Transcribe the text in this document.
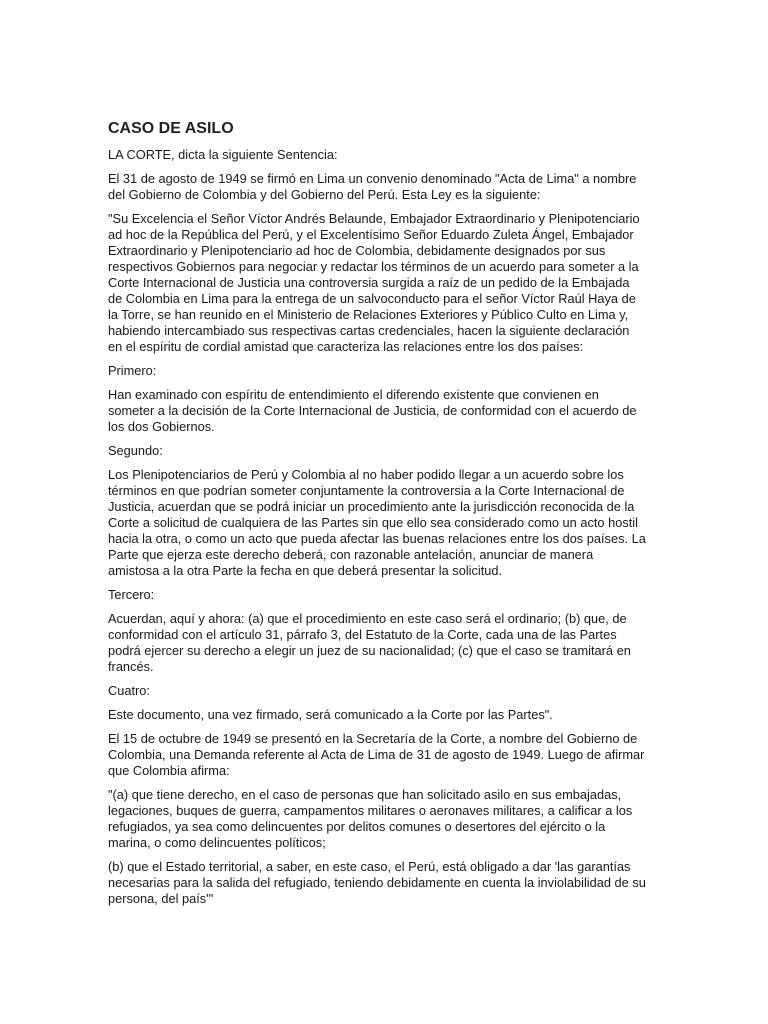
CASO DE ASILO

LA CORTE, dicta la siguiente Sentencia:

El 31 de agosto de 1949 se firmó en Lima un convenio denominado "Acta de Lima" a nombre
del Gobierno de Colombia y del Gobierno del Perú. Esta Ley es la siguiente:

"Su Excelencia el Señor Víctor Andrés Belaunde, Embajador Extraordinario y Plenipotenciario
ad hoc de la República del Perú, y el Excelentísimo Señor Eduardo Zuleta Ángel, Embajador
Extraordinario y Plenipotenciario ad hoc de Colombia, debidamente designados por sus
respectivos Gobiernos para negociar y redactar los términos de un acuerdo para someter a la
Corte Internacional de Justicia una controversia surgida a raíz de un pedido de la Embajada
de Colombia en Lima para la entrega de un salvoconducto para el señor Víctor Raúl Haya de
la Torre, se han reunido en el Ministerio de Relaciones Exteriores y Público Culto en Lima y,
habiendo intercambiado sus respectivas cartas credenciales, hacen la siguiente declaración
en el espíritu de cordial amistad que caracteriza las relaciones entre los dos países:

Primero:

Han examinado con espíritu de entendimiento el diferendo existente que convienen en
someter a la decisión de la Corte Internacional de Justicia, de conformidad con el acuerdo de
los dos Gobiernos.

Segundo:

Los Plenipotenciarios de Perú y Colombia al no haber podido llegar a un acuerdo sobre los
términos en que podrían someter conjuntamente la controversia a la Corte Internacional de
Justicia, acuerdan que se podrá iniciar un procedimiento ante la jurisdicción reconocida de la
Corte a solicitud de cualquiera de las Partes sin que ello sea considerado como un acto hostil
hacia la otra, o como un acto que pueda afectar las buenas relaciones entre los dos países. La
Parte que ejerza este derecho deberá, con razonable antelación, anunciar de manera
amistosa a la otra Parte la fecha en que deberá presentar la solicitud.

Tercero:

Acuerdan, aquí y ahora: (a) que el procedimiento en este caso será el ordinario; (b) que, de
conformidad con el artículo 31, párrafo 3, del Estatuto de la Corte, cada una de las Partes
podrá ejercer su derecho a elegir un juez de su nacionalidad; (c) que el caso se tramitará en
francés.

Cuatro:

Este documento, una vez firmado, será comunicado a la Corte por las Partes".

El 15 de octubre de 1949 se presentó en la Secretaría de la Corte, a nombre del Gobierno de
Colombia, una Demanda referente al Acta de Lima de 31 de agosto de 1949. Luego de afirmar
que Colombia afirma:

"(a) que tiene derecho, en el caso de personas que han solicitado asilo en sus embajadas,
legaciones, buques de guerra, campamentos militares o aeronaves militares, a calificar a los
refugiados, ya sea como delincuentes por delitos comunes o desertores del ejército o la
marina, o como delincuentes políticos;

(b) que el Estado territorial, a saber, en este caso, el Perú, está obligado a dar 'las garantías
necesarias para la salida del refugiado, teniendo debidamente en cuenta la inviolabilidad de su
persona, del país'"
